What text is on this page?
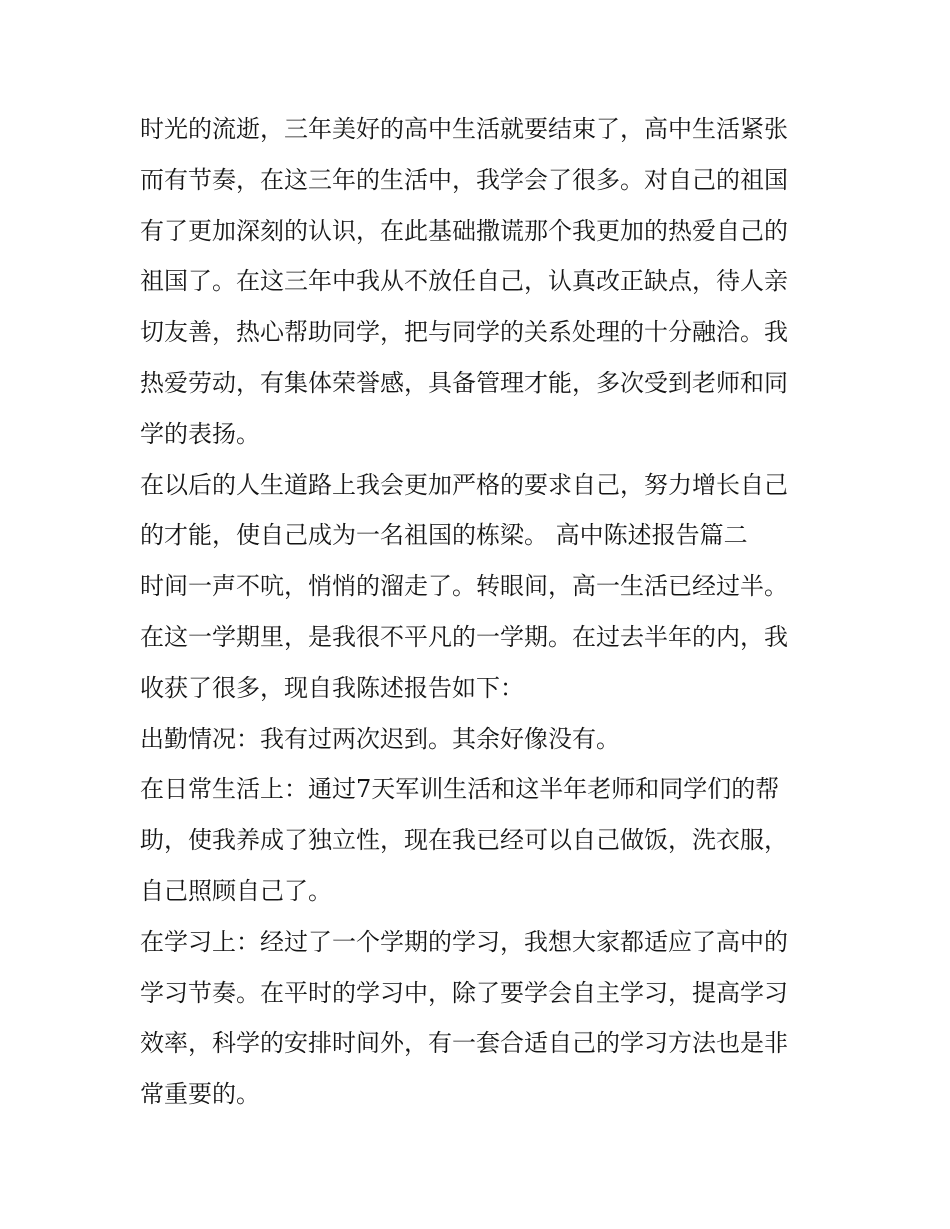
时光的流逝，三年美好的高中生活就要结束了，高中生活紧张
而有节奏，在这三年的生活中，我学会了很多。对自己的祖国
有了更加深刻的认识，在此基础撒谎那个我更加的热爱自己的
祖国了。在这三年中我从不放任自己，认真改正缺点，待人亲
切友善，热心帮助同学，把与同学的关系处理的十分融洽。我
热爱劳动，有集体荣誉感，具备管理才能，多次受到老师和同
学的表扬。
在以后的人生道路上我会更加严格的要求自己，努力增长自己
的才能，使自己成为一名祖国的栋梁。 高中陈述报告篇二
时间一声不吭，悄悄的溜走了。转眼间，高一生活已经过半。
在这一学期里，是我很不平凡的一学期。在过去半年的内，我
收获了很多，现自我陈述报告如下：
出勤情况：我有过两次迟到。其余好像没有。
在日常生活上：通过7天军训生活和这半年老师和同学们的帮
助，使我养成了独立性，现在我已经可以自己做饭，洗衣服，
自己照顾自己了。
在学习上：经过了一个学期的学习，我想大家都适应了高中的
学习节奏。在平时的学习中，除了要学会自主学习，提高学习
效率，科学的安排时间外，有一套合适自己的学习方法也是非
常重要的。
